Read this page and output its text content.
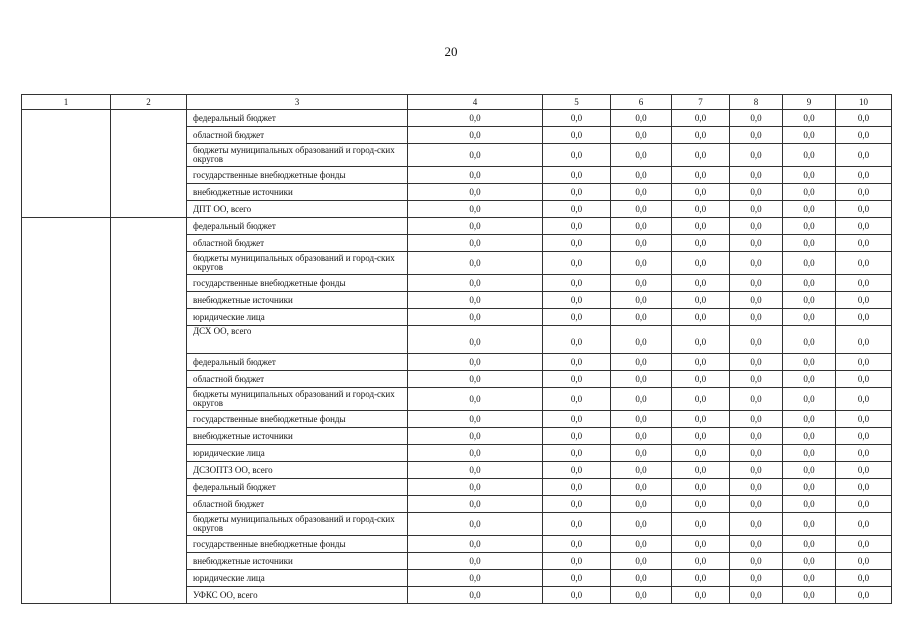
20
1	2	3	4	5	6	7	8	9	10
		федеральный бюджет	0,0	0,0	0,0	0,0	0,0	0,0	0,0
		областной бюджет	0,0	0,0	0,0	0,0	0,0	0,0	0,0
		бюджеты муниципальных образований и город-ских округов	0,0	0,0	0,0	0,0	0,0	0,0	0,0
		государственные внебюджетные фонды	0,0	0,0	0,0	0,0	0,0	0,0	0,0
		внебюджетные источники	0,0	0,0	0,0	0,0	0,0	0,0	0,0
		ДПТ ОО, всего	0,0	0,0	0,0	0,0	0,0	0,0	0,0
		федеральный бюджет	0,0	0,0	0,0	0,0	0,0	0,0	0,0
		областной бюджет	0,0	0,0	0,0	0,0	0,0	0,0	0,0
		бюджеты муниципальных образований и город-ских округов	0,0	0,0	0,0	0,0	0,0	0,0	0,0
		государственные внебюджетные фонды	0,0	0,0	0,0	0,0	0,0	0,0	0,0
		внебюджетные источники	0,0	0,0	0,0	0,0	0,0	0,0	0,0
		юридические лица	0,0	0,0	0,0	0,0	0,0	0,0	0,0
		ДСХ ОО, всего	0,0	0,0	0,0	0,0	0,0	0,0	0,0
		федеральный бюджет	0,0	0,0	0,0	0,0	0,0	0,0	0,0
		областной бюджет	0,0	0,0	0,0	0,0	0,0	0,0	0,0
		бюджеты муниципальных образований и город-ских округов	0,0	0,0	0,0	0,0	0,0	0,0	0,0
		государственные внебюджетные фонды	0,0	0,0	0,0	0,0	0,0	0,0	0,0
		внебюджетные источники	0,0	0,0	0,0	0,0	0,0	0,0	0,0
		юридические лица	0,0	0,0	0,0	0,0	0,0	0,0	0,0
		ДСЗОПТЗ ОО, всего	0,0	0,0	0,0	0,0	0,0	0,0	0,0
		федеральный бюджет	0,0	0,0	0,0	0,0	0,0	0,0	0,0
		областной бюджет	0,0	0,0	0,0	0,0	0,0	0,0	0,0
		бюджеты муниципальных образований и город-ских округов	0,0	0,0	0,0	0,0	0,0	0,0	0,0
		государственные внебюджетные фонды	0,0	0,0	0,0	0,0	0,0	0,0	0,0
		внебюджетные источники	0,0	0,0	0,0	0,0	0,0	0,0	0,0
		юридические лица	0,0	0,0	0,0	0,0	0,0	0,0	0,0
		УФКС ОО, всего	0,0	0,0	0,0	0,0	0,0	0,0	0,0
